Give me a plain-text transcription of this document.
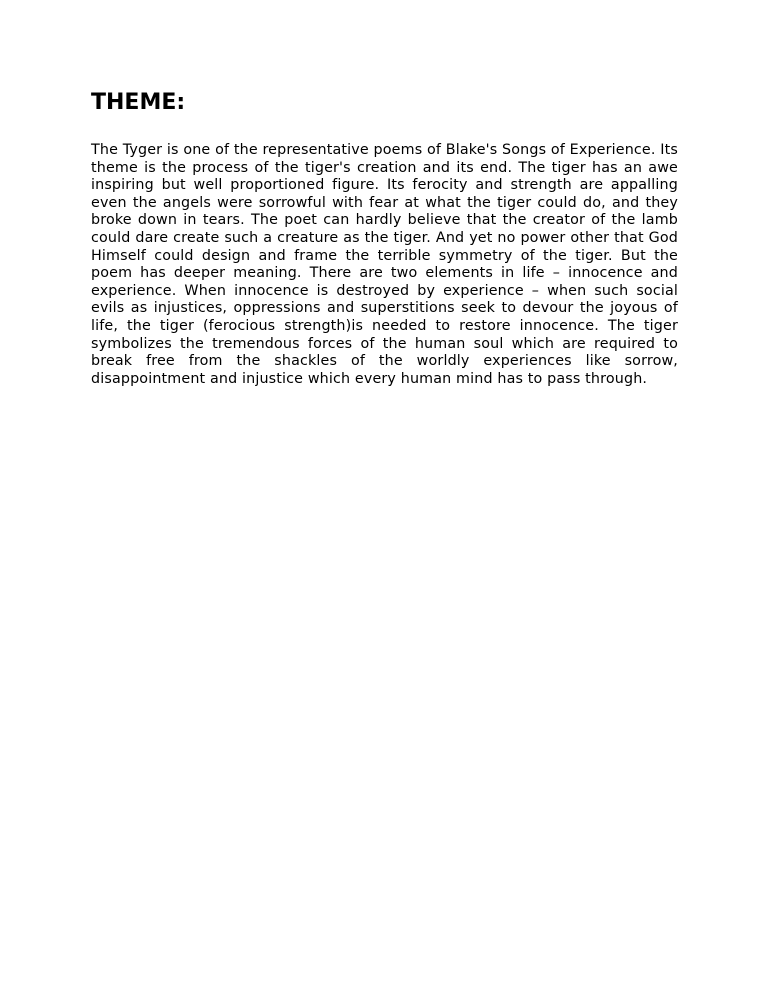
THEME:

The Tyger is one of the representative poems of Blake's Songs of Experience. Its theme is the process of the tiger's creation and its end. The tiger has an awe inspiring but well proportioned figure. Its ferocity and strength are appalling even the angels were sorrowful with fear at what the tiger could do, and they broke down in tears. The poet can hardly believe that the creator of the lamb could dare create such a creature as the tiger. And yet no power other that God Himself could design and frame the terrible symmetry of the tiger. But the poem has deeper meaning. There are two elements in life – innocence and experience. When innocence is destroyed by experience – when such social evils as injustices, oppressions and superstitions seek to devour the joyous of life, the tiger (ferocious strength)is needed to restore innocence. The tiger symbolizes the tremendous forces of the human soul which are required to break free from the shackles of the worldly experiences like sorrow, disappointment and injustice which every human mind has to pass through.
